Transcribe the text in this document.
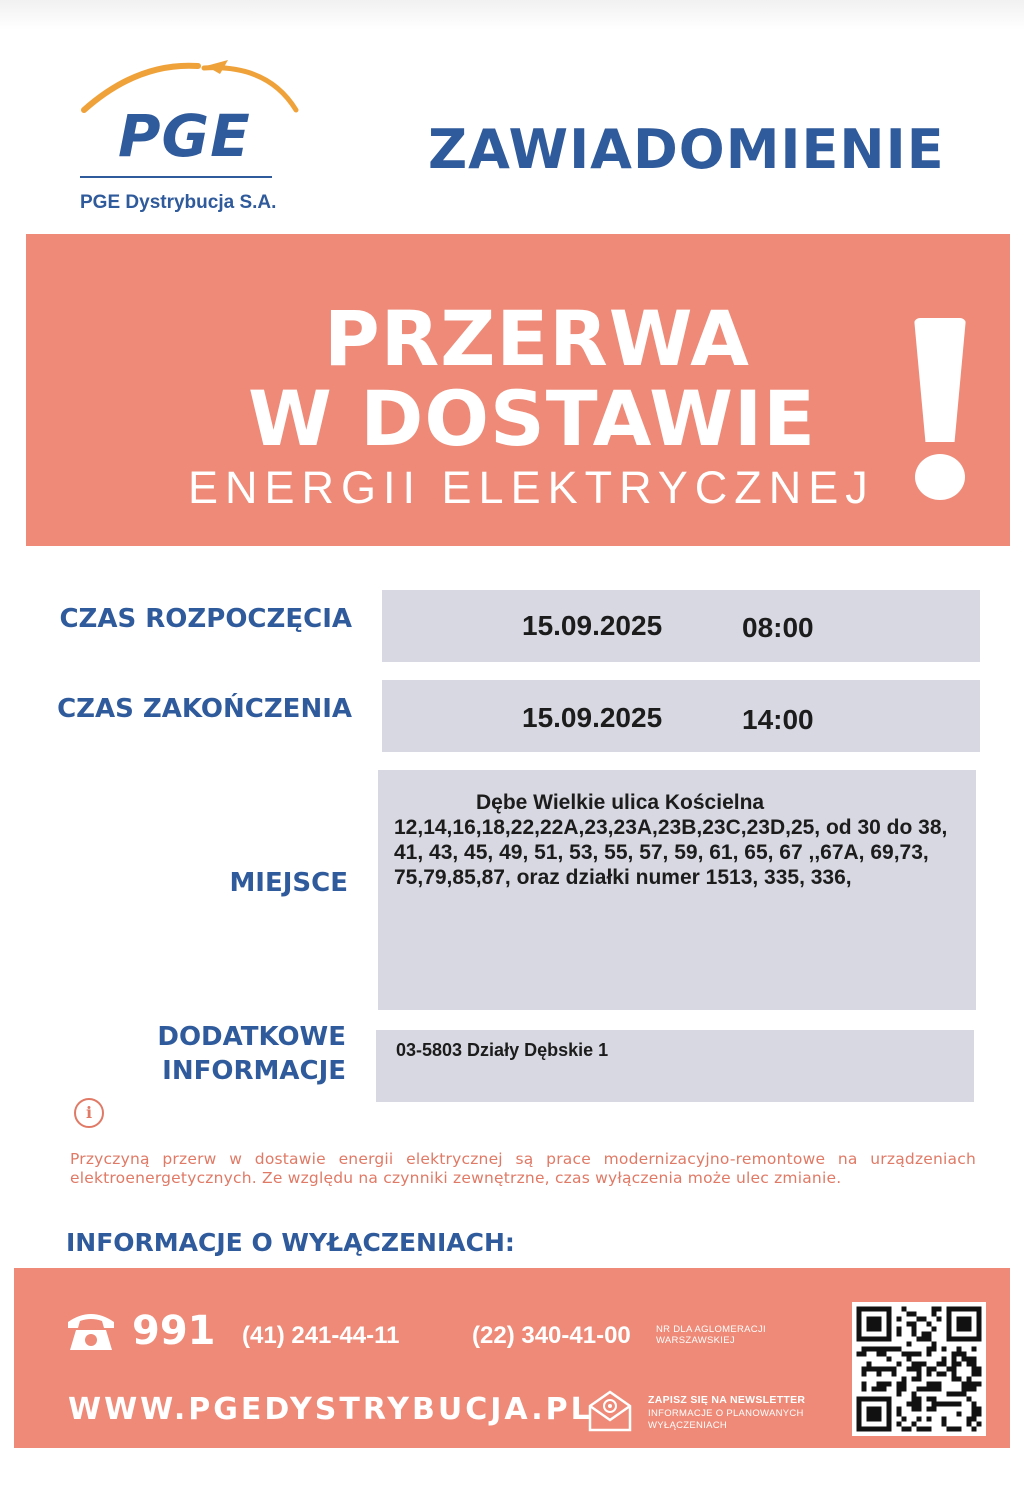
PGE
PGE Dystrybucja S.A.
ZAWIADOMIENIE
PRZERWA
W DOSTAWIE
ENERGII ELEKTRYCZNEJ
CZAS ROZPOCZĘCIA	15.09.2025	08:00
CZAS ZAKOŃCZENIA	15.09.2025	14:00
MIEJSCE
Dębe Wielkie ulica Kościelna
12,14,16,18,22,22A,23,23A,23B,23C,23D,25, od 30 do 38, 41, 43, 45, 49, 51, 53, 55, 57, 59, 61, 65, 67 ,,67A, 69,73, 75,79,85,87, oraz działki numer 1513, 335, 336,
DODATKOWE
INFORMACJE
03-5803 Działy Dębskie 1
i
Przyczyną przerw w dostawie energii elektrycznej są prace modernizacyjno-remontowe na urządzeniach elektroenergetycznych. Ze względu na czynniki zewnętrzne, czas wyłączenia może ulec zmianie.
INFORMACJE O WYŁĄCZENIACH:
991 (41) 241-44-11	(22) 340-41-00	NR DLA AGLOMERACJI WARSZAWSKIEJ
WWW.PGEDYSTRYBUCJA.PL	ZAPISZ SIĘ NA NEWSLETTER
INFORMACJE O PLANOWANYCH WYŁĄCZENIACH
